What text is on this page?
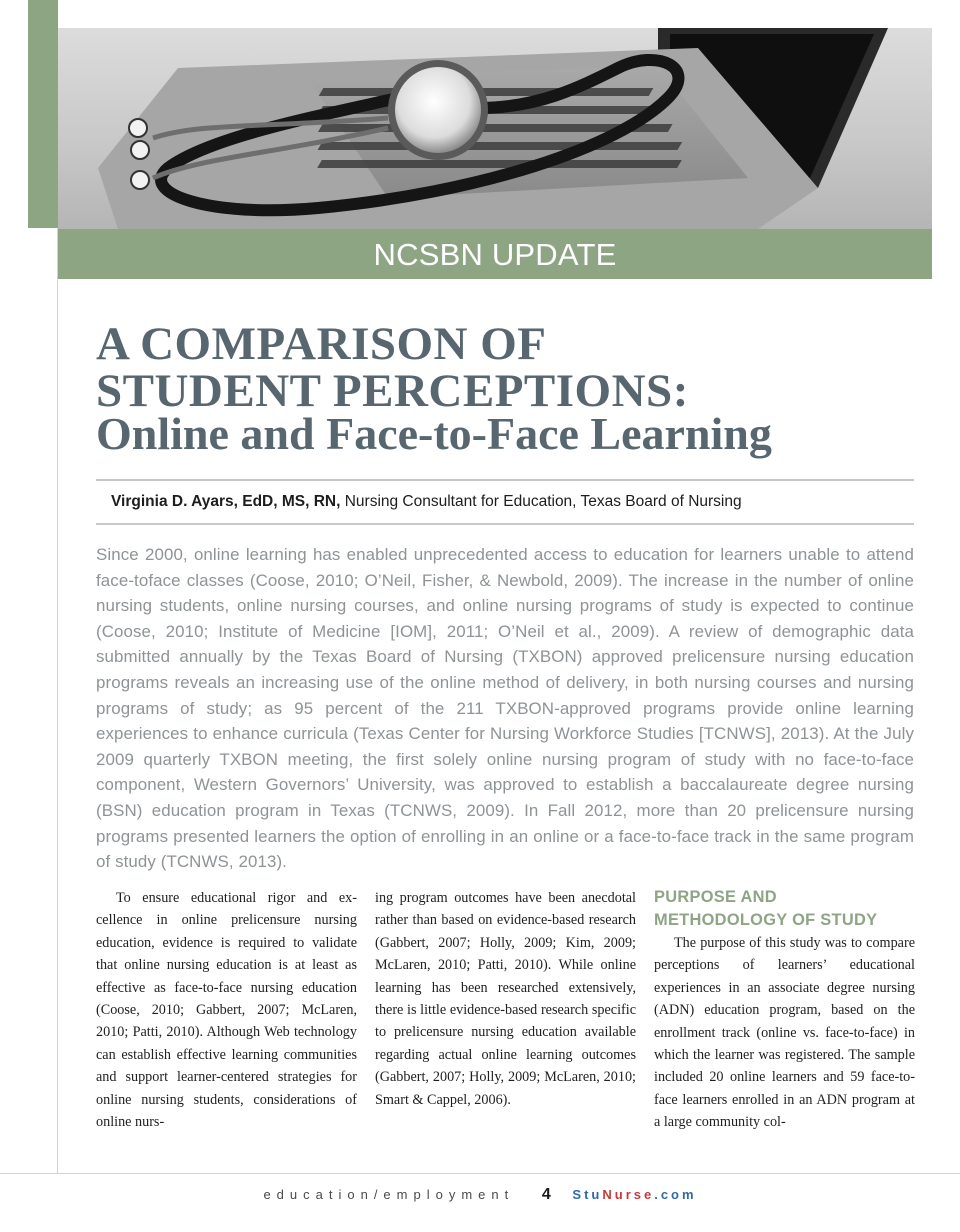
NCSBN UPDATE
A COMPARISON OF
STUDENT PERCEPTIONS:
Online and Face-to-Face Learning

Virginia D. Ayars, EdD, MS, RN, Nursing Consultant for Education, Texas Board of Nursing

Since 2000, online learning has enabled unprecedented access to education for learners unable to attend face-toface classes (Coose, 2010; O’Neil, Fisher, & Newbold, 2009). The increase in the number of online nursing students, online nursing courses, and online nursing programs of study is expected to continue (Coose, 2010; Institute of Medicine [IOM], 2011; O’Neil et al., 2009). A review of demographic data submitted annually by the Texas Board of Nursing (TXBON) approved prelicensure nursing education programs reveals an increasing use of the online method of delivery, in both nursing courses and nursing programs of study; as 95 percent of the 211 TXBON-approved programs provide online learning experiences to enhance curricula (Texas Center for Nursing Workforce Studies [TCNWS], 2013). At the July 2009 quarterly TXBON meeting, the first solely online nursing program of study with no face-to-face component, Western Governors’ University, was approved to establish a baccalaureate degree nursing (BSN) education program in Texas (TCNWS, 2009). In Fall 2012, more than 20 prelicensure nursing programs presented learners the option of enrolling in an online or a face-to-face track in the same program of study (TCNWS, 2013).

To ensure educational rigor and excellence in online prelicensure nursing education, evidence is required to validate that online nursing education is at least as effective as face-to-face nursing education (Coose, 2010; Gabbert, 2007; McLaren, 2010; Patti, 2010). Although Web technology can establish effective learning communities and support learner-centered strategies for online nursing students, considerations of online nurs-

ing program outcomes have been anecdotal rather than based on evidence-based research (Gabbert, 2007; Holly, 2009; Kim, 2009; McLaren, 2010; Patti, 2010). While online learning has been researched extensively, there is little evidence-based research specific to prelicensure nursing education available regarding actual online learning outcomes (Gabbert, 2007; Holly, 2009; McLaren, 2010; Smart & Cappel, 2006).

PURPOSE AND
METHODOLOGY OF STUDY

The purpose of this study was to compare perceptions of learners’ educational experiences in an associate degree nursing (ADN) education program, based on the enrollment track (online vs. face-to-face) in which the learner was registered. The sample included 20 online learners and 59 face-to-face learners enrolled in an ADN program at a large community col-

education/employment 4 StuNurse.com
